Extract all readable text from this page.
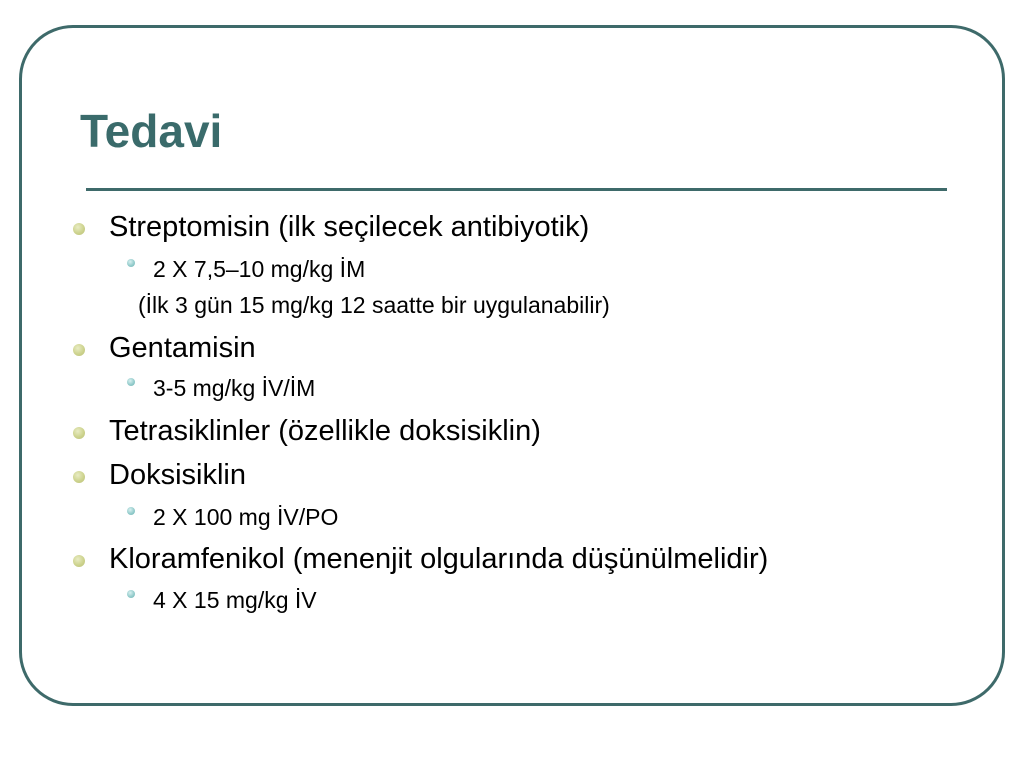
Tedavi
Streptomisin (ilk seçilecek antibiyotik)
2 X 7,5–10 mg/kg İM
(İlk 3 gün 15 mg/kg 12 saatte bir uygulanabilir)
Gentamisin
3-5 mg/kg İV/İM
Tetrasiklinler (özellikle doksisiklin)
Doksisiklin
2 X 100 mg İV/PO
Kloramfenikol (menenjit olgularında düşünülmelidir)
4 X 15 mg/kg İV
